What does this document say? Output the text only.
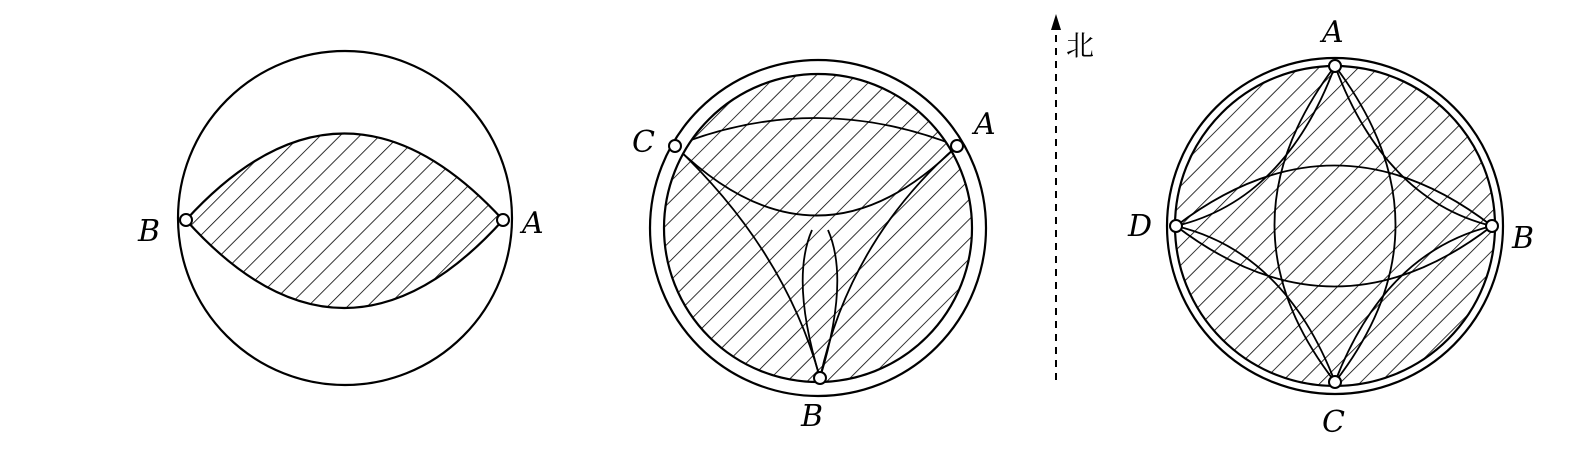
B	A
C
A
B
北	A
B
C
D
